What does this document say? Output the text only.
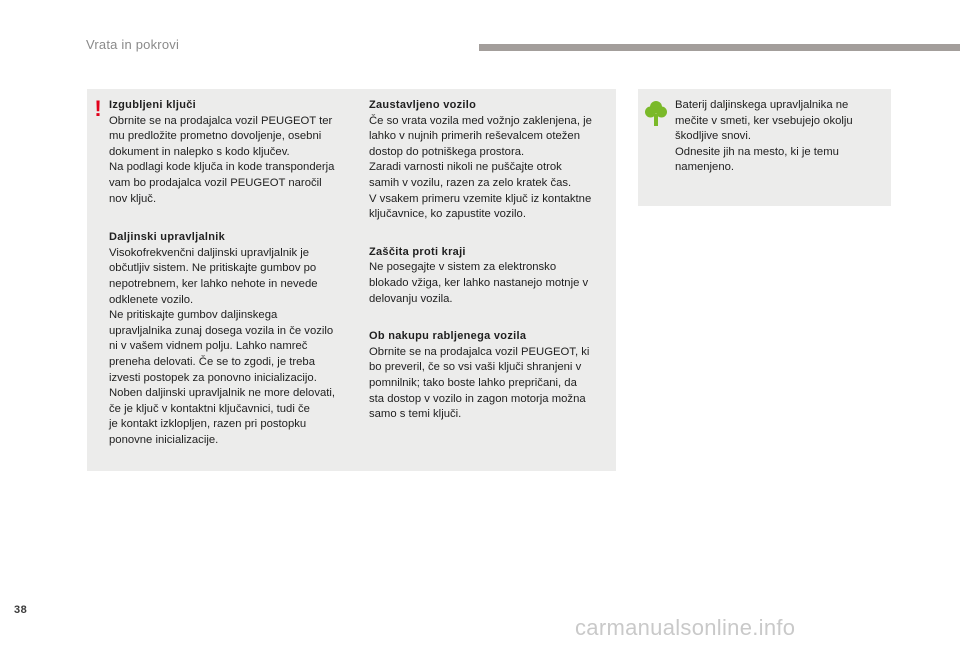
Vrata in pokrovi
! Izgubljeni ključi
Obrnite se na prodajalca vozil PEUGEOT ter
mu predložite prometno dovoljenje, osebni
dokument in nalepko s kodo ključev.
Na podlagi kode ključa in kode transponderja
vam bo prodajalca vozil PEUGEOT naročil
nov ključ.
Daljinski upravljalnik
Visokofrekvenčni daljinski upravljalnik je
občutljiv sistem. Ne pritiskajte gumbov po
nepotrebnem, ker lahko nehote in nevede
odklenete vozilo.
Ne pritiskajte gumbov daljinskega
upravljalnika zunaj dosega vozila in če vozilo
ni v vašem vidnem polju. Lahko namreč
preneha delovati. Če se to zgodi, je treba
izvesti postopek za ponovno inicializacijo.
Noben daljinski upravljalnik ne more delovati,
če je ključ v kontaktni ključavnici, tudi če
je kontakt izklopljen, razen pri postopku
ponovne inicializacije.
Zaustavljeno vozilo
Če so vrata vozila med vožnjo zaklenjena, je
lahko v nujnih primerih reševalcem otežen
dostop do potniškega prostora.
Zaradi varnosti nikoli ne puščajte otrok
samih v vozilu, razen za zelo kratek čas.
V vsakem primeru vzemite ključ iz kontaktne
ključavnice, ko zapustite vozilo.
Zaščita proti kraji
Ne posegajte v sistem za elektronsko
blokado vžiga, ker lahko nastanejo motnje v
delovanju vozila.
Ob nakupu rabljenega vozila
Obrnite se na prodajalca vozil PEUGEOT, ki
bo preveril, če so vsi vaši ključi shranjeni v
pomnilnik; tako boste lahko prepričani, da
sta dostop v vozilo in zagon motorja možna
samo s temi ključi.
Baterij daljinskega upravljalnika ne
mečite v smeti, ker vsebujejo okolju
škodljive snovi.
Odnesite jih na mesto, ki je temu
namenjeno.
38
carmanualsonline.info
